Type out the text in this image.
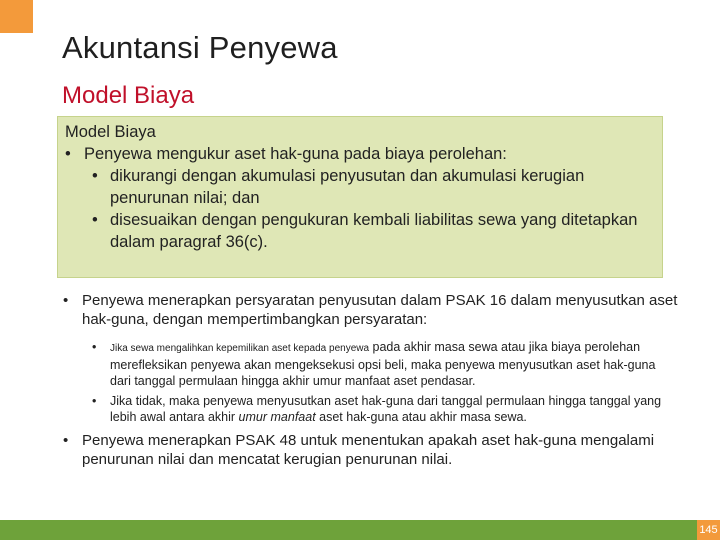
Akuntansi Penyewa
Model Biaya
Model Biaya
• Penyewa mengukur aset hak-guna pada biaya perolehan:
• dikurangi dengan akumulasi penyusutan dan akumulasi kerugian penurunan nilai; dan
• disesuaikan dengan pengukuran kembali liabilitas sewa yang ditetapkan dalam paragraf 36(c).
• Penyewa menerapkan persyaratan penyusutan dalam PSAK 16 dalam menyusutkan aset hak-guna, dengan mempertimbangkan persyaratan:
• Jika sewa mengalihkan kepemilikan aset kepada penyewa pada akhir masa sewa atau jika biaya perolehan merefleksikan penyewa akan mengeksekusi opsi beli, maka penyewa menyusutkan aset hak-guna dari tanggal permulaan hingga akhir umur manfaat aset pendasar.
• Jika tidak, maka penyewa menyusutkan aset hak-guna dari tanggal permulaan hingga tanggal yang lebih awal antara akhir umur manfaat aset hak-guna atau akhir masa sewa.
• Penyewa menerapkan PSAK 48 untuk menentukan apakah aset hak-guna mengalami penurunan nilai dan mencatat kerugian penurunan nilai.
145
